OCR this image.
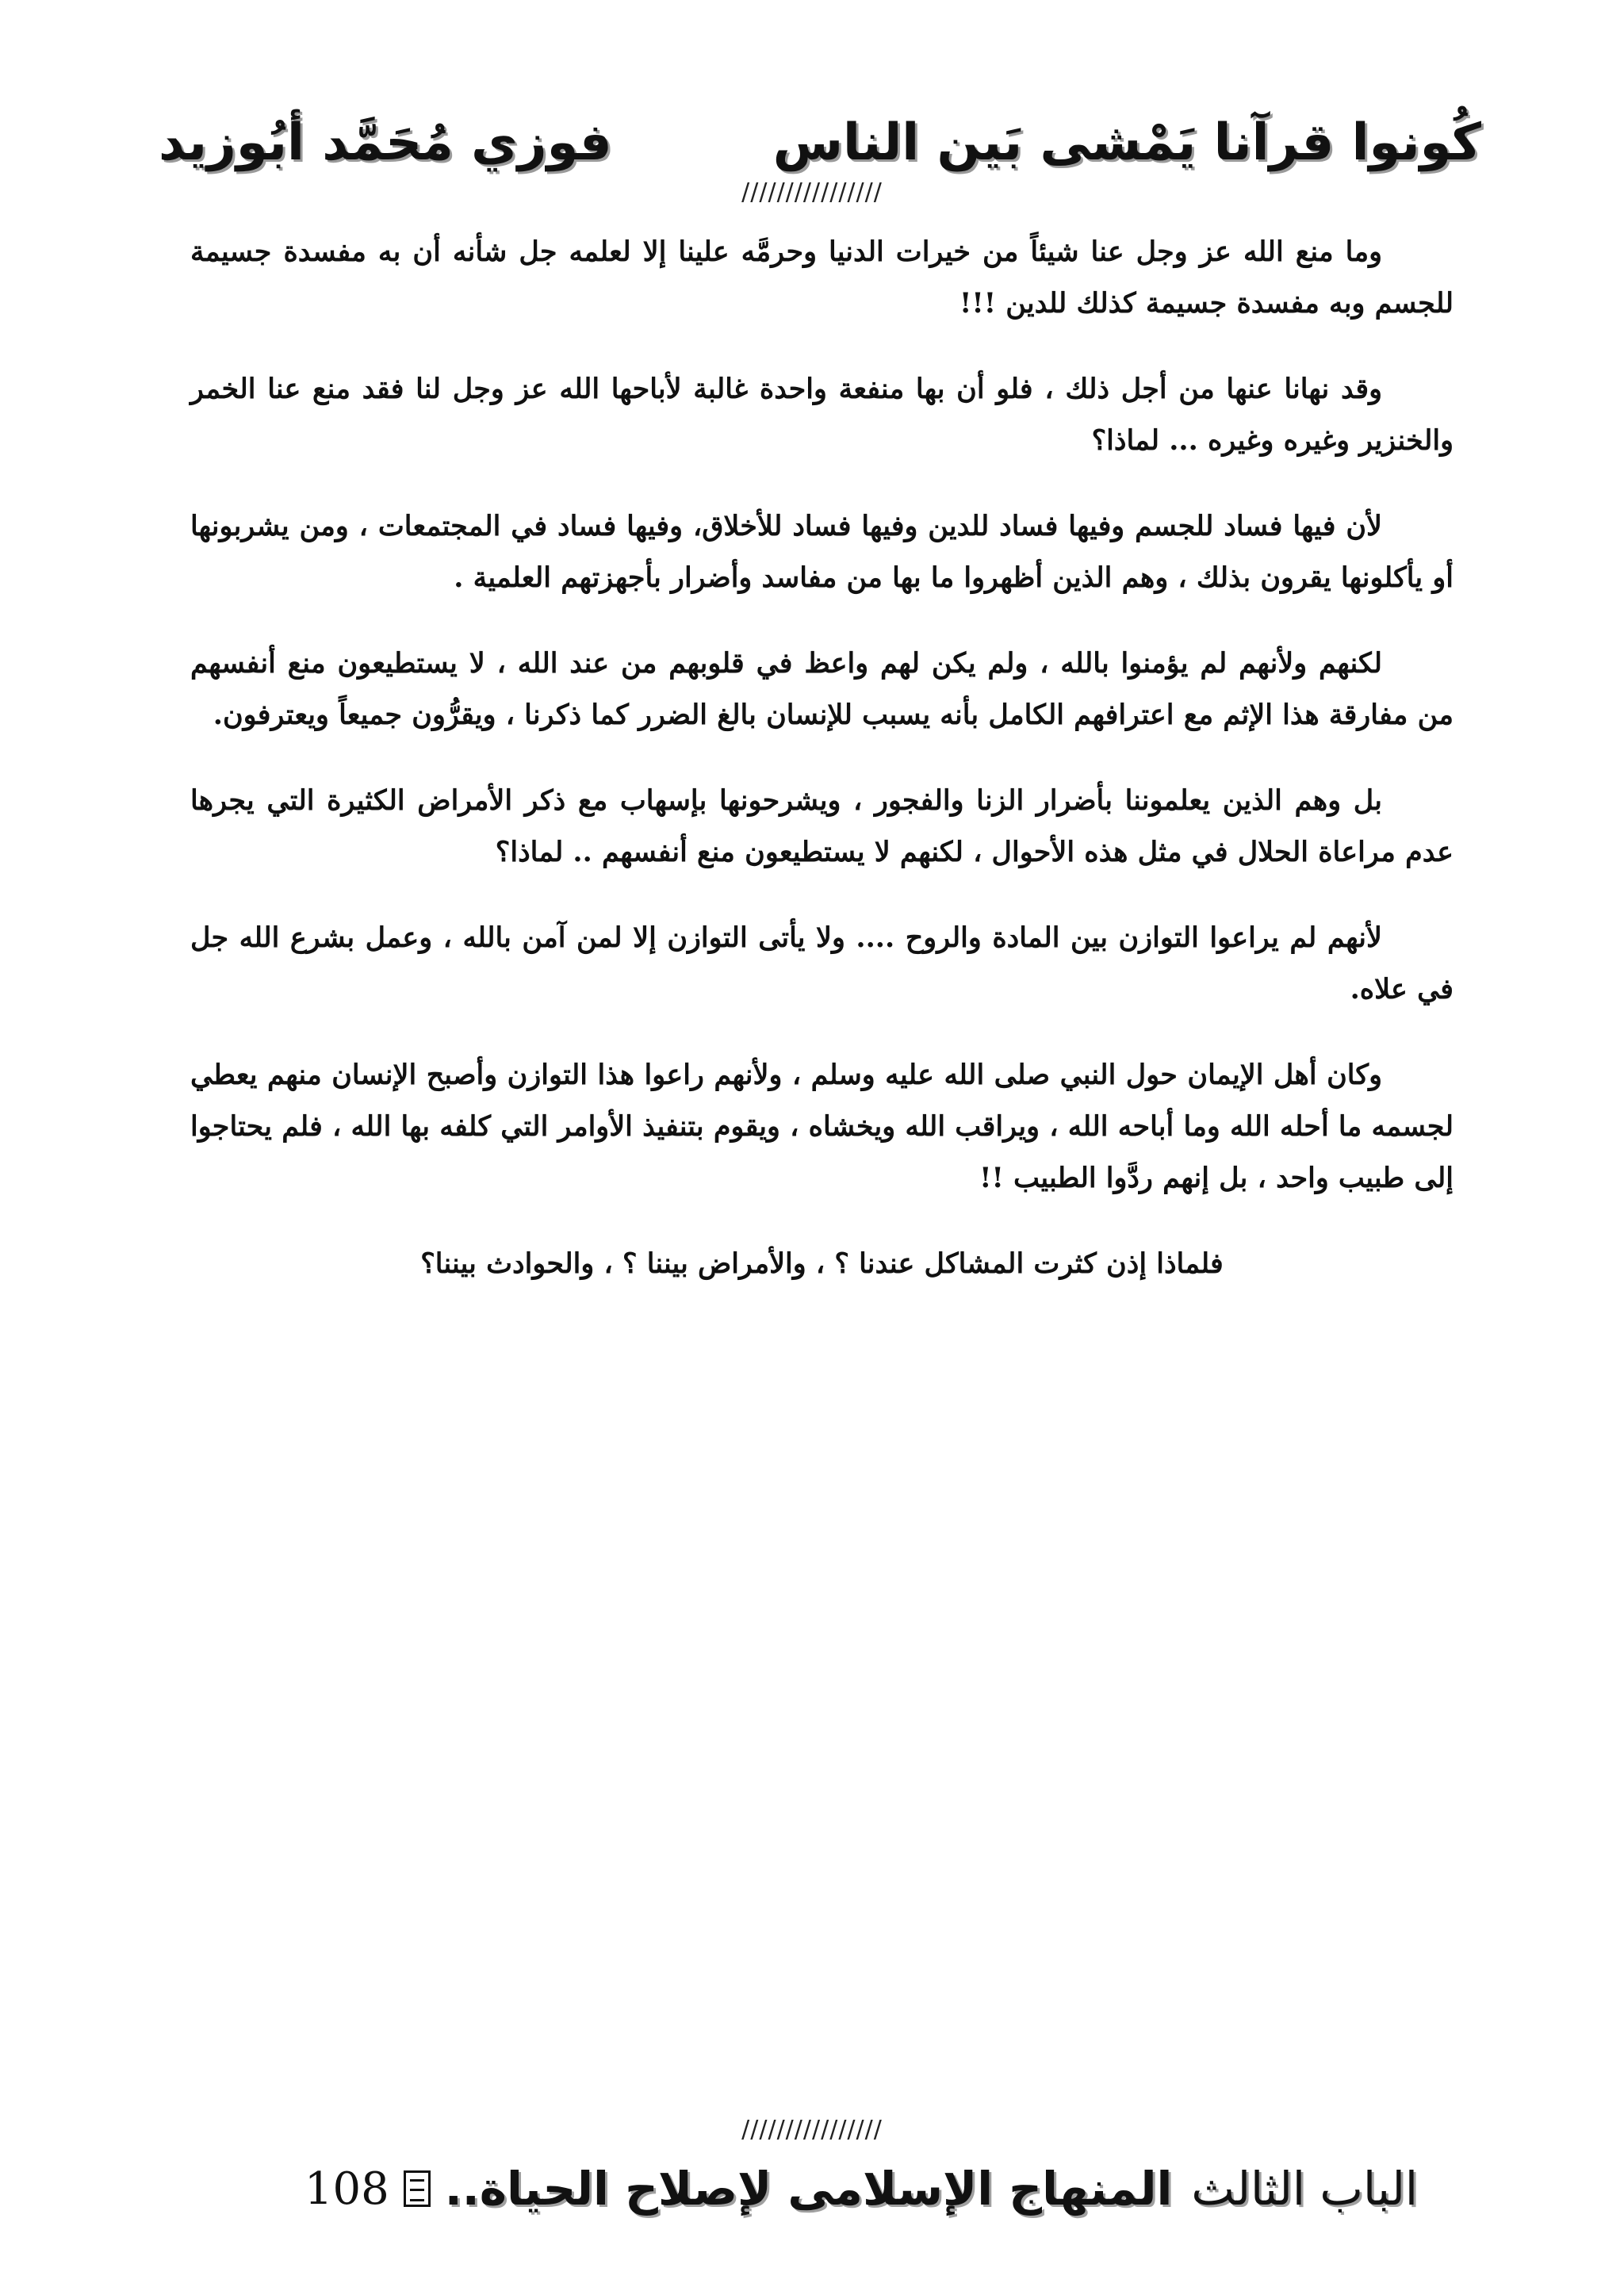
كُونوا قرآنا يَمْشى بَين الناس
فوزي مُحَمَّد أبُوزيد
////////////////

وما منع الله عز وجل عنا شيئاً من خيرات الدنيا وحرمَّه علينا إلا لعلمه جل شأنه أن به مفسدة جسيمة للجسم وبه مفسدة جسيمة كذلك للدين !!!

وقد نهانا عنها من أجل ذلك ، فلو أن بها منفعة واحدة غالبة لأباحها الله عز وجل لنا فقد منع عنا الخمر والخنزير وغيره وغيره ... لماذا؟

لأن فيها فساد للجسم وفيها فساد للدين وفيها فساد للأخلاق، وفيها فساد في المجتمعات ، ومن يشربونها أو يأكلونها يقرون بذلك ، وهم الذين أظهروا ما بها من مفاسد وأضرار بأجهزتهم العلمية .

لكنهم ولأنهم لم يؤمنوا بالله ، ولم يكن لهم واعظ في قلوبهم من عند الله ، لا يستطيعون منع أنفسهم من مفارقة هذا الإثم مع اعترافهم الكامل بأنه يسبب للإنسان بالغ الضرر كما ذكرنا ، ويقرُّون جميعاً ويعترفون.

بل وهم الذين يعلموننا بأضرار الزنا والفجور ، ويشرحونها بإسهاب مع ذكر الأمراض الكثيرة التي يجرها عدم مراعاة الحلال في مثل هذه الأحوال ، لكنهم لا يستطيعون منع أنفسهم .. لماذا؟

لأنهم لم يراعوا التوازن بين المادة والروح .... ولا يأتى التوازن إلا لمن آمن بالله ، وعمل بشرع الله جل في علاه.

وكان أهل الإيمان حول النبي صلى الله عليه وسلم ، ولأنهم راعوا هذا التوازن وأصبح الإنسان منهم يعطي لجسمه ما أحله الله وما أباحه الله ، ويراقب الله ويخشاه ، ويقوم بتنفيذ الأوامر التي كلفه بها الله ، فلم يحتاجوا إلى طبيب واحد ، بل إنهم ردَّوا الطبيب !!

فلماذا إذن كثرت المشاكل عندنا ؟ ، والأمراض بيننا ؟ ، والحوادث بيننا؟

////////////////
الباب الثالث
المنهاج الإسلامى لإصلاح الحياة..
108
